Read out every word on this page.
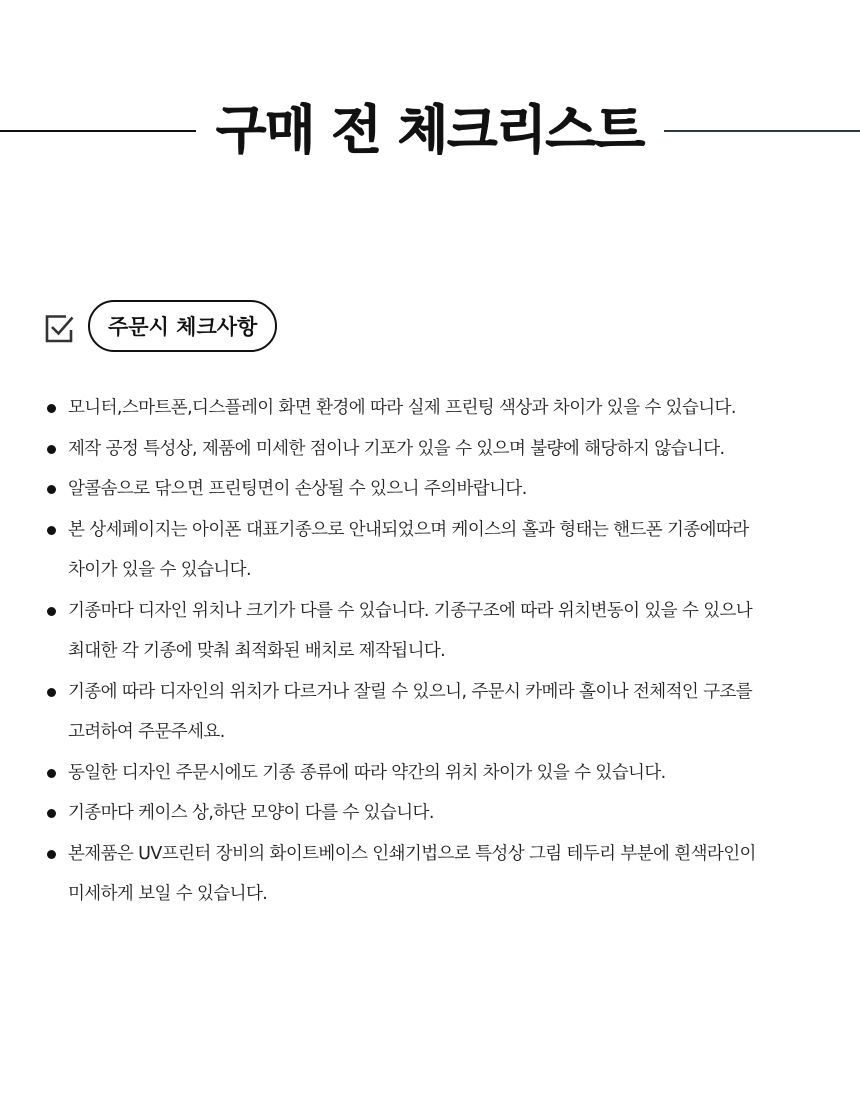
구매 전 체크리스트
주문시 체크사항
모니터,스마트폰,디스플레이 화면 환경에 따라 실제 프린팅 색상과 차이가 있을 수 있습니다.
제작 공정 특성상, 제품에 미세한 점이나 기포가 있을 수 있으며 불량에 해당하지 않습니다.
알콜솜으로 닦으면 프린팅면이 손상될 수 있으니 주의바랍니다.
본 상세페이지는 아이폰 대표기종으로 안내되었으며 케이스의 홀과 형태는 핸드폰 기종에따라
차이가 있을 수 있습니다.
기종마다 디자인 위치나 크기가 다를 수 있습니다. 기종구조에 따라 위치변동이 있을 수 있으나
최대한 각 기종에 맞춰 최적화된 배치로 제작됩니다.
기종에 따라 디자인의 위치가 다르거나 잘릴 수 있으니, 주문시 카메라 홀이나 전체적인 구조를
고려하여 주문주세요.
동일한 디자인 주문시에도 기종 종류에 따라 약간의 위치 차이가 있을 수 있습니다.
기종마다 케이스 상,하단 모양이 다를 수 있습니다.
본제품은 UV프린터 장비의 화이트베이스 인쇄기법으로 특성상 그림 테두리 부분에 흰색라인이
미세하게 보일 수 있습니다.
